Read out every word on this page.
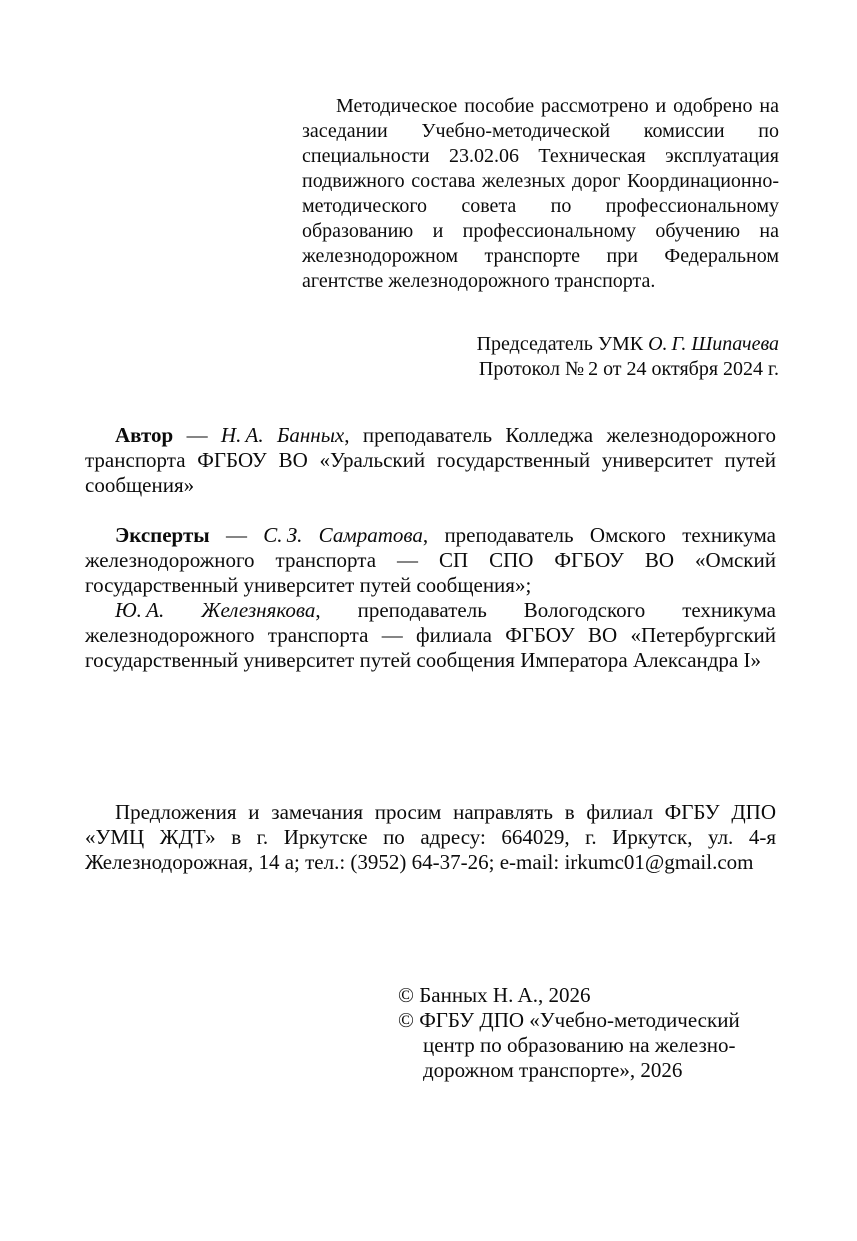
Методическое пособие рассмотрено и одобрено на заседании Учебно-методической комиссии по специальности 23.02.06 Техническая эксплуатация подвижного состава железных дорог Координационно-методического совета по профессиональному образованию и профессиональному обучению на железнодорожном транспорте при Федеральном агентстве железнодорожного транспорта.

Председатель УМК О. Г. Шипачева
Протокол № 2 от 24 октября 2024 г.

Автор — Н. А. Банных, преподаватель Колледжа железнодорожного транспорта ФГБОУ ВО «Уральский государственный университет путей сообщения»

Эксперты — С. З. Самратова, преподаватель Омского техникума железнодорожного транспорта — СП СПО ФГБОУ ВО «Омский государственный университет путей сообщения»;

Ю. А. Железнякова, преподаватель Вологодского техникума железнодорожного транспорта — филиала ФГБОУ ВО «Петербургский государственный университет путей сообщения Императора Александра I»

Предложения и замечания просим направлять в филиал ФГБУ ДПО «УМЦ ЖДТ» в г. Иркутске по адресу: 664029, г. Иркутск, ул. 4-я Железнодорожная, 14 а; тел.: (3952) 64-37-26; e-mail: irkumc01@gmail.com

© Банных Н. А., 2026
© ФГБУ ДПО «Учебно-методический центр по образованию на железнодорожном транспорте», 2026
